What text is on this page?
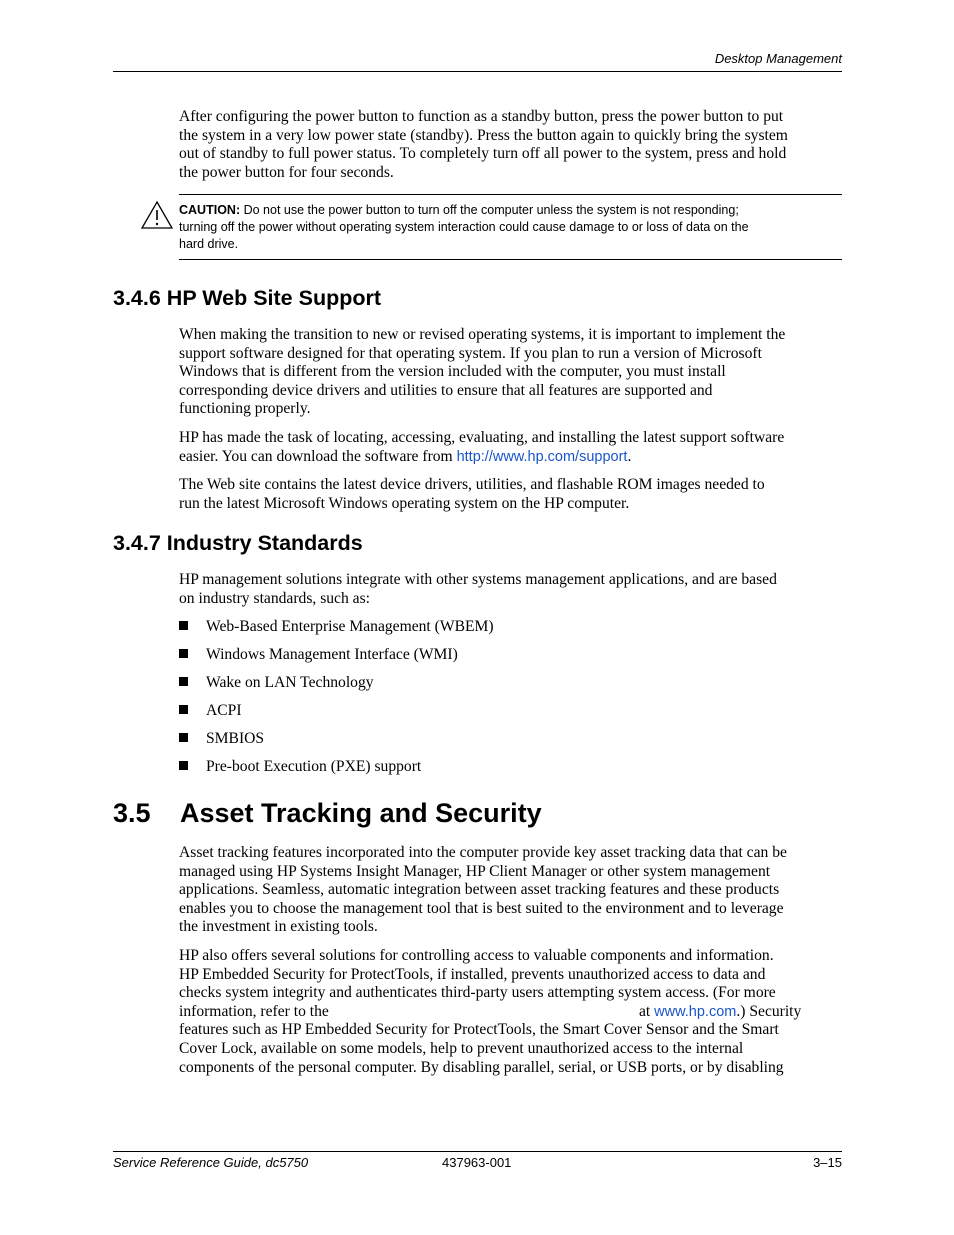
Desktop Management

After configuring the power button to function as a standby button, press the power button to put
the system in a very low power state (standby). Press the button again to quickly bring the system
out of standby to full power status. To completely turn off all power to the system, press and hold
the power button for four seconds.

CAUTION: Do not use the power button to turn off the computer unless the system is not responding;
turning off the power without operating system interaction could cause damage to or loss of data on the
hard drive.
3.4.6 HP Web Site Support

When making the transition to new or revised operating systems, it is important to implement the
support software designed for that operating system. If you plan to run a version of Microsoft
Windows that is different from the version included with the computer, you must install
corresponding device drivers and utilities to ensure that all features are supported and
functioning properly.

HP has made the task of locating, accessing, evaluating, and installing the latest support software
easier. You can download the software from http://www.hp.com/support.

The Web site contains the latest device drivers, utilities, and flashable ROM images needed to
run the latest Microsoft Windows operating system on the HP computer.

3.4.7 Industry Standards

HP management solutions integrate with other systems management applications, and are based
on industry standards, such as:

Web-Based Enterprise Management (WBEM)
Windows Management Interface (WMI)
Wake on LAN Technology
ACPI
SMBIOS
Pre-boot Execution (PXE) support
3.5 Asset Tracking and Security

Asset tracking features incorporated into the computer provide key asset tracking data that can be
managed using HP Systems Insight Manager, HP Client Manager or other system management
applications. Seamless, automatic integration between asset tracking features and these products
enables you to choose the management tool that is best suited to the environment and to leverage
the investment in existing tools.

HP also offers several solutions for controlling access to valuable components and information.
HP Embedded Security for ProtectTools, if installed, prevents unauthorized access to data and
checks system integrity and authenticates third-party users attempting system access. (For more
information, refer to the	at www.hp.com.) Security

features such as HP Embedded Security for ProtectTools, the Smart Cover Sensor and the Smart
Cover Lock, available on some models, help to prevent unauthorized access to the internal
components of the personal computer. By disabling parallel, serial, or USB ports, or by disabling

Service Reference Guide, dc5750	437963-001	3–15
